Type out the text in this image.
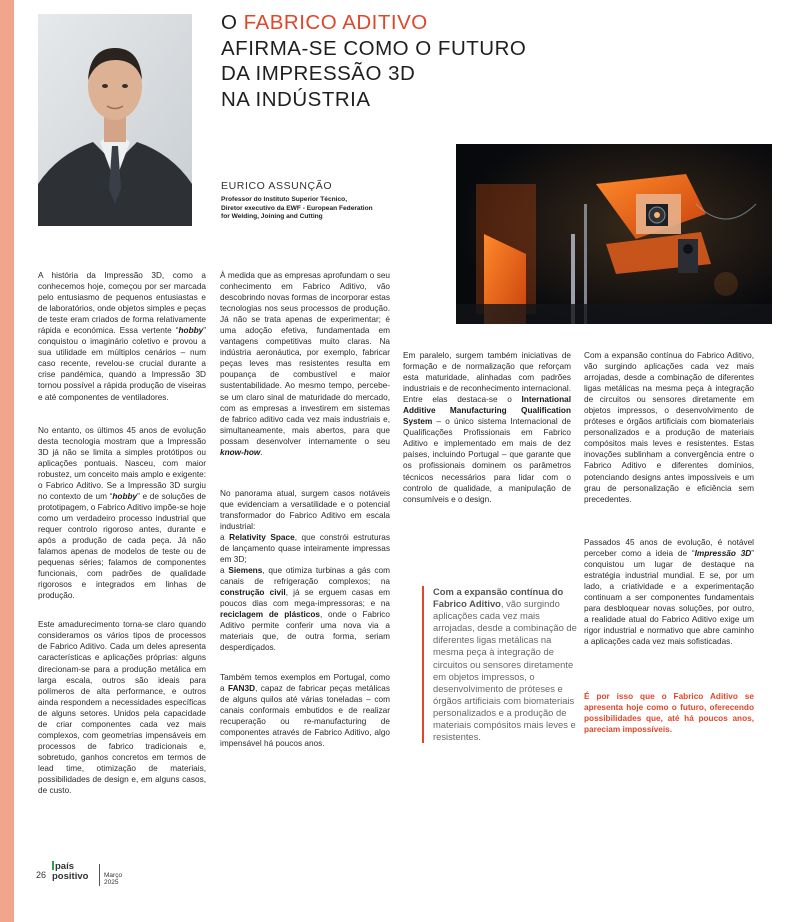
O FABRICO ADITIVO
AFIRMA-SE COMO O FUTURO
DA IMPRESSÃO 3D
NA INDÚSTRIA
EURICO ASSUNÇÃO
Professor do Instituto Superior Técnico,
Diretor executivo da EWF - European Federation
for Welding, Joining and Cutting

A história da Impressão 3D, como a conhecemos hoje, começou por ser marcada pelo entusiasmo de pequenos entusiastas e de laboratórios, onde objetos simples e peças de teste eram criados de forma relativamente rápida e económica. Essa vertente “hobby” conquistou o imaginário coletivo e provou a sua utilidade em múltiplos cenários – num caso recente, revelou-se crucial durante a crise pandémica, quando a Impressão 3D tornou possível a rápida produção de viseiras e até componentes de ventiladores.

No entanto, os últimos 45 anos de evolução desta tecnologia mostram que a Impressão 3D já não se limita a simples protótipos ou aplicações pontuais. Nasceu, com maior robustez, um conceito mais amplo e exigente: o Fabrico Aditivo. Se a Impressão 3D surgiu no contexto de um “hobby” e de soluções de prototipagem, o Fabrico Aditivo impõe-se hoje como um verdadeiro processo industrial que requer controlo rigoroso antes, durante e após a produção de cada peça. Já não falamos apenas de modelos de teste ou de pequenas séries; falamos de componentes funcionais, com padrões de qualidade rigorosos e integrados em linhas de produção.

Este amadurecimento torna-se claro quando consideramos os vários tipos de processos de Fabrico Aditivo. Cada um deles apresenta características e aplicações próprias: alguns direcionam-se para a produção metálica em larga escala, outros são ideais para polímeros de alta performance, e outros ainda respondem a necessidades específicas de alguns setores. Unidos pela capacidade de criar componentes cada vez mais complexos, com geometrias impensáveis em processos de fabrico tradicionais e, sobretudo, ganhos concretos em termos de lead time, otimização de materiais, possibilidades de design e, em alguns casos, de custo.

À medida que as empresas aprofundam o seu conhecimento em Fabrico Aditivo, vão descobrindo novas formas de incorporar estas tecnologias nos seus processos de produção. Já não se trata apenas de experimentar; é uma adoção efetiva, fundamentada em vantagens competitivas muito claras. Na indústria aeronáutica, por exemplo, fabricar peças leves mas resistentes resulta em poupança de combustível e maior sustentabilidade. Ao mesmo tempo, percebe-se um claro sinal de maturidade do mercado, com as empresas a investirem em sistemas de fabrico aditivo cada vez mais industriais e, simultaneamente, mais abertos, para que possam desenvolver internamente o seu know-how.

No panorama atual, surgem casos notáveis que evidenciam a versatilidade e o potencial transformador do Fabrico Aditivo em escala industrial:

a Relativity Space, que constrói estruturas de lançamento quase inteiramente impressas em 3D;

a Siemens, que otimiza turbinas a gás com canais de refrigeração complexos; na construção civil, já se erguem casas em poucos dias com mega-impressoras; e na reciclagem de plásticos, onde o Fabrico Aditivo permite conferir uma nova via a materiais que, de outra forma, seriam desperdiçados.

Também temos exemplos em Portugal, como a FAN3D, capaz de fabricar peças metálicas de alguns quilos até várias toneladas – com canais conformais embutidos e de realizar recuperação ou re-manufacturing de componentes através de Fabrico Aditivo, algo impensável há poucos anos.

Em paralelo, surgem também iniciativas de formação e de normalização que reforçam esta maturidade, alinhadas com padrões industriais e de reconhecimento internacional. Entre elas destaca-se o International Additive Manufacturing Qualification System – o único sistema Internacional de Qualificações Profissionais em Fabrico Aditivo e implementado em mais de dez países, incluindo Portugal – que garante que os profissionais dominem os parâmetros técnicos necessários para lidar com o controlo de qualidade, a manipulação de consumíveis e o design.

Com a expansão contínua do Fabrico Aditivo, vão surgindo aplicações cada vez mais arrojadas, desde a combinação de diferentes ligas metálicas na mesma peça à integração de circuitos ou sensores diretamente em objetos impressos, o desenvolvimento de próteses e órgãos artificiais com biomateriais personalizados e a produção de materiais compósitos mais leves e resistentes.

Com a expansão contínua do Fabrico Aditivo, vão surgindo aplicações cada vez mais arrojadas, desde a combinação de diferentes ligas metálicas na mesma peça à integração de circuitos ou sensores diretamente em objetos impressos, o desenvolvimento de próteses e órgãos artificiais com biomateriais personalizados e a produção de materiais compósitos mais leves e resistentes. Estas inovações sublinham a convergência entre o Fabrico Aditivo e diferentes domínios, potenciando designs antes impossíveis e um grau de personalização e eficiência sem precedentes.

Passados 45 anos de evolução, é notável perceber como a ideia de “Impressão 3D” conquistou um lugar de destaque na estratégia industrial mundial. E se, por um lado, a criatividade e a experimentação continuam a ser componentes fundamentais para desbloquear novas soluções, por outro, a realidade atual do Fabrico Aditivo exige um rigor industrial e normativo que abre caminho a aplicações cada vez mais sofisticadas.

É por isso que o Fabrico Aditivo se apresenta hoje como o futuro, oferecendo possibilidades que, até há poucos anos, pareciam impossíveis.

26
país
positivo Março 2025
